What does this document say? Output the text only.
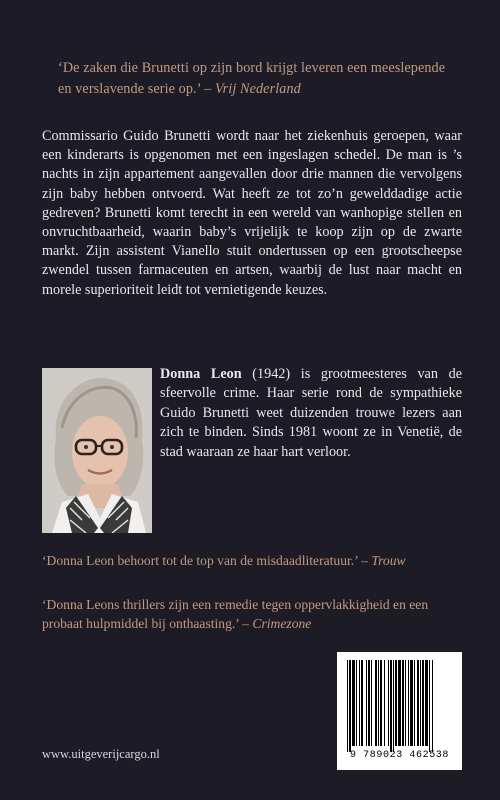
‘De zaken die Brunetti op zijn bord krijgt leveren een meeslepende en verslavende serie op.’ – Vrij Nederland
Commissario Guido Brunetti wordt naar het ziekenhuis geroepen, waar een kinderarts is opgenomen met een ingeslagen schedel. De man is ’s nachts in zijn appartement aangevallen door drie mannen die vervolgens zijn baby hebben ontvoerd. Wat heeft ze tot zo’n gewelddadige actie gedreven? Brunetti komt terecht in een wereld van wanhopige stellen en onvruchtbaarheid, waarin baby’s vrijelijk te koop zijn op de zwarte markt. Zijn assistent Vianello stuit ondertussen op een grootscheepse zwendel tussen farmaceuten en artsen, waarbij de lust naar macht en morele superioriteit leidt tot vernietigende keuzes.
Donna Leon (1942) is grootmeesteres van de sfeervolle crime. Haar serie rond de sympathieke Guido Brunetti weet duizenden trouwe lezers aan zich te binden. Sinds 1981 woont ze in Venetië, de stad waaraan ze haar hart verloor.
‘Donna Leon behoort tot de top van de misdaadliteratuur.’ – Trouw
‘Donna Leons thrillers zijn een remedie tegen oppervlakkigheid en een probaat hulpmiddel bij onthaasting.’ – Crimezone
9 789023 462538
www.uitgeverijcargo.nl
